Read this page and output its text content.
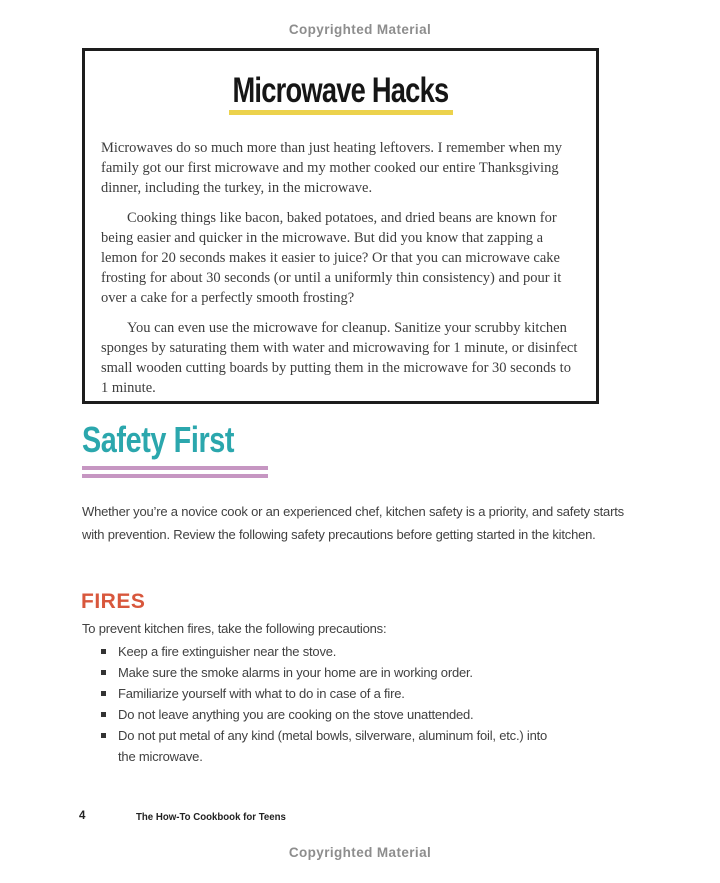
Copyrighted Material
Microwave Hacks

Microwaves do so much more than just heating leftovers. I remember when my family got our first microwave and my mother cooked our entire Thanksgiving dinner, including the turkey, in the microwave.

Cooking things like bacon, baked potatoes, and dried beans are known for being easier and quicker in the microwave. But did you know that zapping a lemon for 20 seconds makes it easier to juice? Or that you can microwave cake frosting for about 30 seconds (or until a uniformly thin consistency) and pour it over a cake for a perfectly smooth frosting?

You can even use the microwave for cleanup. Sanitize your scrubby kitchen sponges by saturating them with water and microwaving for 1 minute, or disinfect small wooden cutting boards by putting them in the microwave for 30 seconds to 1 minute.

Safety First
Whether you’re a novice cook or an experienced chef, kitchen safety is a priority, and safety starts with prevention. Review the following safety precautions before getting started in the kitchen.
FIRES
To prevent kitchen fires, take the following precautions:
Keep a fire extinguisher near the stove.
Make sure the smoke alarms in your home are in working order.
Familiarize yourself with what to do in case of a fire.
Do not leave anything you are cooking on the stove unattended.
Do not put metal of any kind (metal bowls, silverware, aluminum foil, etc.) into the microwave.
4	The How-To Cookbook for Teens
Copyrighted Material
